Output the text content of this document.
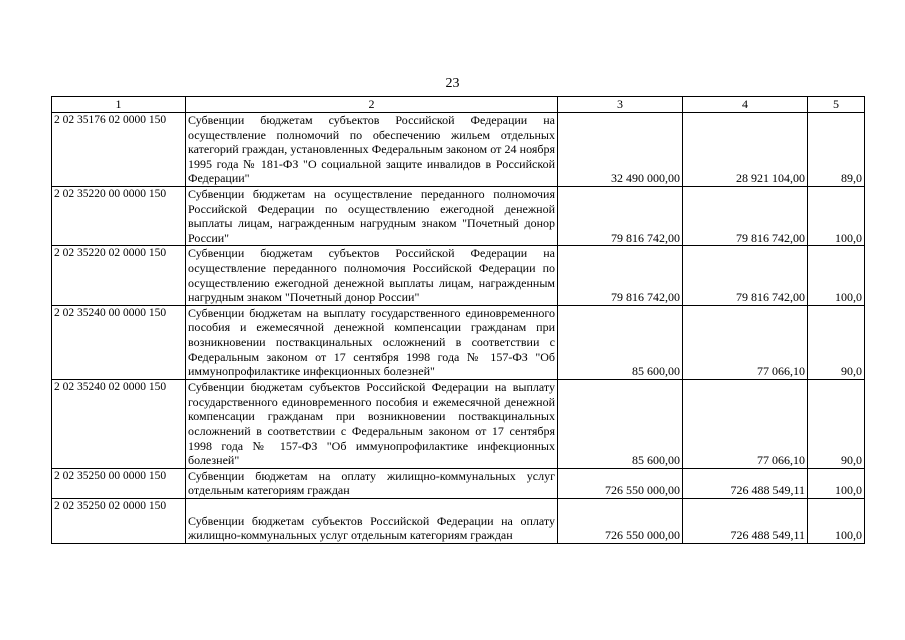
23
1	2	3	4	5
2 02 35176 02 0000 150	Субвенции бюджетам субъектов Российской Федерации на осуществление полномочий по обеспечению жильем отдельных категорий граждан, установленных Федеральным законом от 24 ноября 1995 года № 181-ФЗ "О социальной защите инвалидов в Российской Федерации"	32 490 000,00	28 921 104,00	89,0
2 02 35220 00 0000 150	Субвенции бюджетам на осуществление переданного полномочия Российской Федерации по осуществлению ежегодной денежной выплаты лицам, награжденным нагрудным знаком "Почетный донор России"	79 816 742,00	79 816 742,00	100,0
2 02 35220 02 0000 150	Субвенции бюджетам субъектов Российской Федерации на осуществление переданного полномочия Российской Федерации по осуществлению ежегодной денежной выплаты лицам, награжденным нагрудным знаком "Почетный донор России"	79 816 742,00	79 816 742,00	100,0
2 02 35240 00 0000 150	Субвенции бюджетам на выплату государственного единовременного пособия и ежемесячной денежной компенсации гражданам при возникновении поствакцинальных осложнений в соответствии с Федеральным законом от 17 сентября 1998 года № 157-ФЗ "Об иммунопрофилактике инфекционных болезней"	85 600,00	77 066,10	90,0
2 02 35240 02 0000 150	Субвенции бюджетам субъектов Российской Федерации на выплату государственного единовременного пособия и ежемесячной денежной компенсации гражданам при возникновении поствакцинальных осложнений в соответствии с Федеральным законом от 17 сентября 1998 года № 157-ФЗ "Об иммунопрофилактике инфекционных болезней"	85 600,00	77 066,10	90,0
2 02 35250 00 0000 150	Субвенции бюджетам на оплату жилищно-коммунальных услуг отдельным категориям граждан	726 550 000,00	726 488 549,11	100,0
2 02 35250 02 0000 150	Субвенции бюджетам субъектов Российской Федерации на оплату жилищно-коммунальных услуг отдельным категориям граждан	726 550 000,00	726 488 549,11	100,0
